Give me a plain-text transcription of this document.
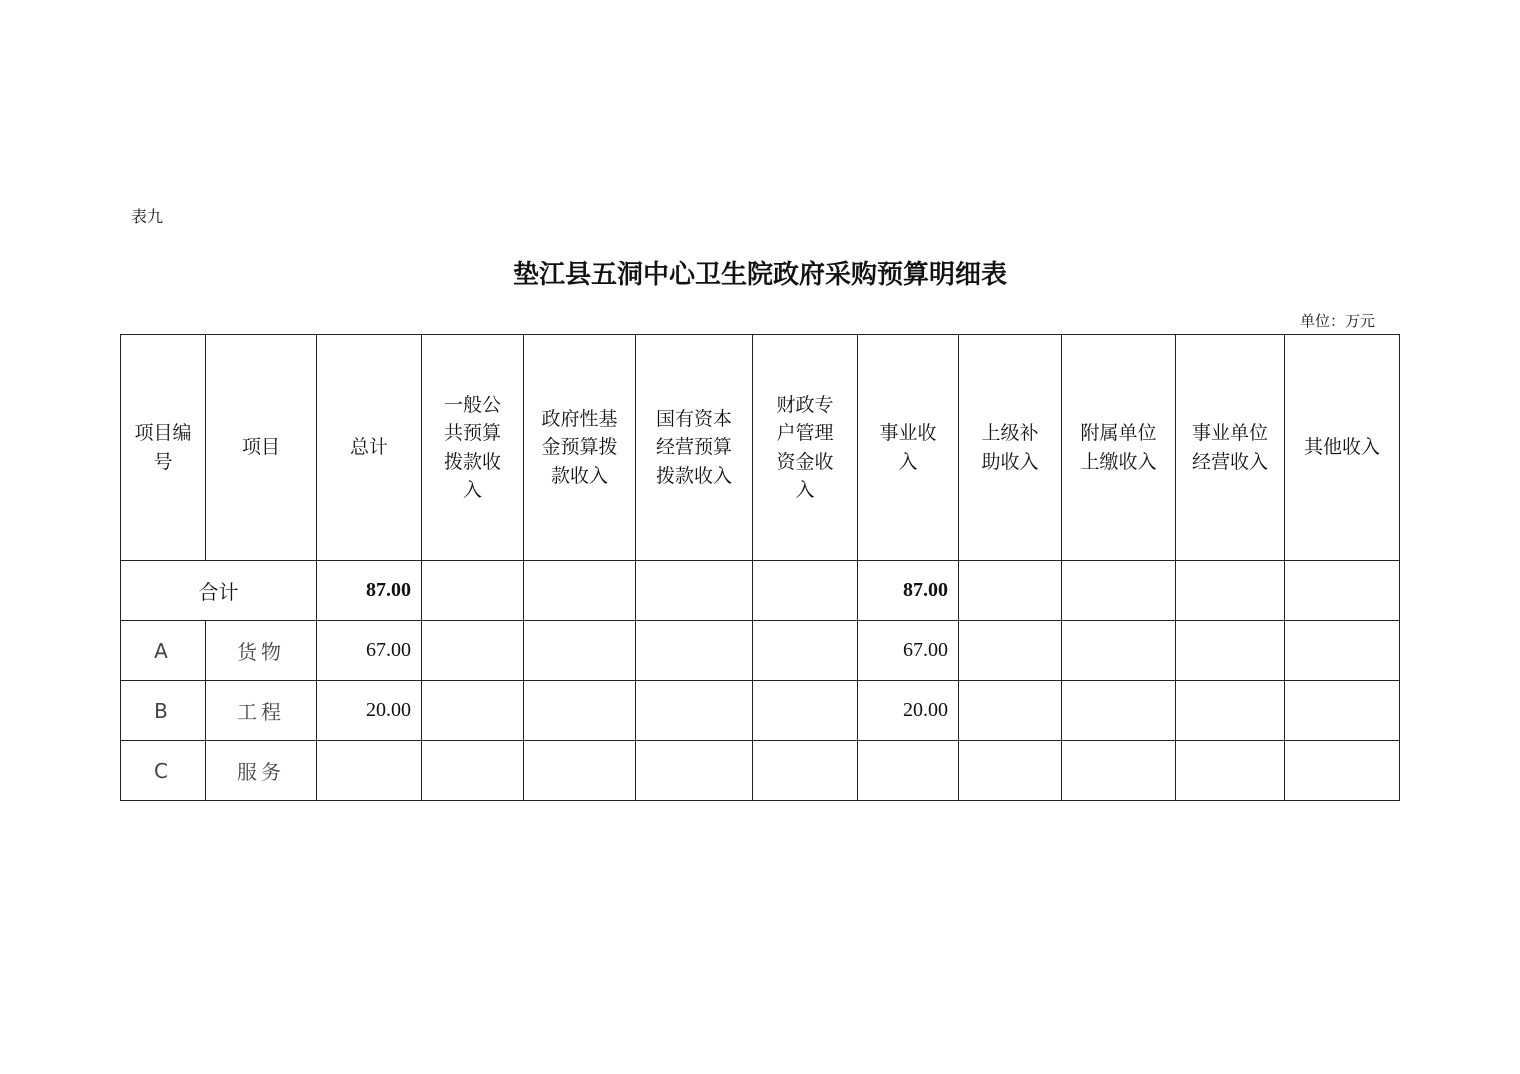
表九
垫江县五洞中心卫生院政府采购预算明细表
单位：万元
项目编号	项目	总计	一般公共预算拨款收入	政府性基金预算拨款收入	国有资本经营预算拨款收入	财政专户管理资金收入	事业收入	上级补助收入	附属单位上缴收入	事业单位经营收入	其他收入
合计		87.00					87.00				
A	货物	67.00					67.00				
B	工程	20.00					20.00				
C	服务										
